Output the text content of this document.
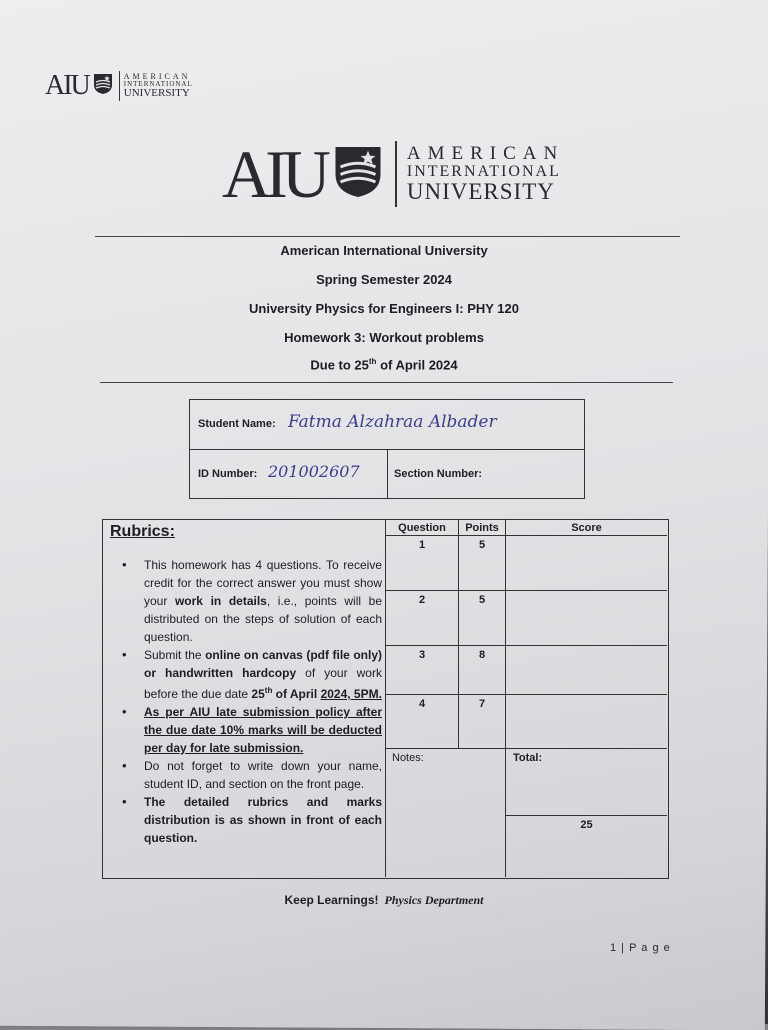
AIU	AMERICAN
INTERNATIONAL
UNIVERSITY
AIU	AMERICAN
INTERNATIONAL
UNIVERSITY
American International University
Spring Semester 2024
University Physics for Engineers I: PHY 120
Homework 3: Workout problems
Due to 25th of April 2024
Student Name: Fatma Alzahraa Albader
ID Number: 201002607	Section Number:
Question	Points	Score
1	5
2	5
3	8
4	7
Notes:	Total:
25
Rubrics:
• This homework has 4 questions. To receive credit for the correct answer you must show your work in details, i.e., points will be distributed on the steps of solution of each question.
• Submit the online on canvas (pdf file only) or handwritten hardcopy of your work before the due date 25th of April 2024, 5PM.
• As per AIU late submission policy after the due date 10% marks will be deducted per day for late submission.
• Do not forget to write down your name, student ID, and section on the front page.
• The detailed rubrics and marks distribution is as shown in front of each question.
Keep Learnings! Physics Department
1 | P a g e
